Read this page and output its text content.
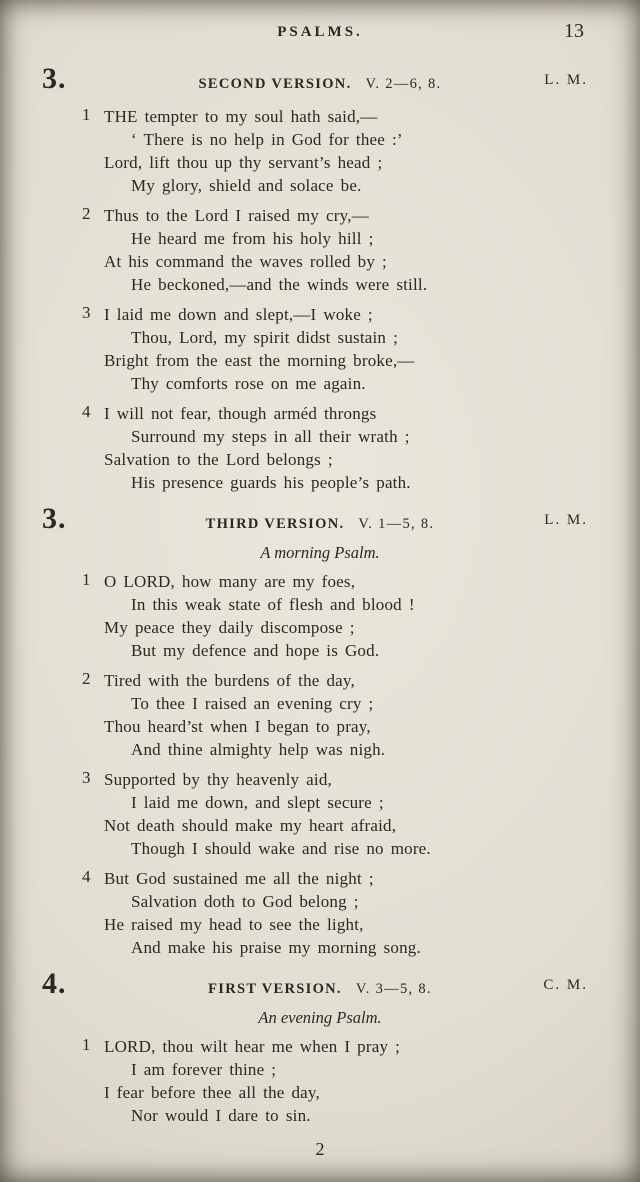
PSALMS.	13
3.	SECOND VERSION. V. 2—6, 8.	L. M.
1 THE tempter to my soul hath said,—
‘ There is no help in God for thee :’
Lord, lift thou up thy servant’s head ;
My glory, shield and solace be.
2 Thus to the Lord I raised my cry,—
He heard me from his holy hill ;
At his command the waves rolled by ;
He beckoned,—and the winds were still.
3 I laid me down and slept,—I woke ;
Thou, Lord, my spirit didst sustain ;
Bright from the east the morning broke,—
Thy comforts rose on me again.
4 I will not fear, though arméd throngs
Surround my steps in all their wrath ;
Salvation to the Lord belongs ;
His presence guards his people’s path.
3.	THIRD VERSION. V. 1—5, 8.	L. M.
A morning Psalm.
1 O LORD, how many are my foes,
In this weak state of flesh and blood !
My peace they daily discompose ;
But my defence and hope is God.
2 Tired with the burdens of the day,
To thee I raised an evening cry ;
Thou heard’st when I began to pray,
And thine almighty help was nigh.
3 Supported by thy heavenly aid,
I laid me down, and slept secure ;
Not death should make my heart afraid,
Though I should wake and rise no more.
4 But God sustained me all the night ;
Salvation doth to God belong ;
He raised my head to see the light,
And make his praise my morning song.
4.	FIRST VERSION. V. 3—5, 8.	C. M.
An evening Psalm.
1 LORD, thou wilt hear me when I pray ;
I am forever thine ;
I fear before thee all the day,
Nor would I dare to sin.
2
